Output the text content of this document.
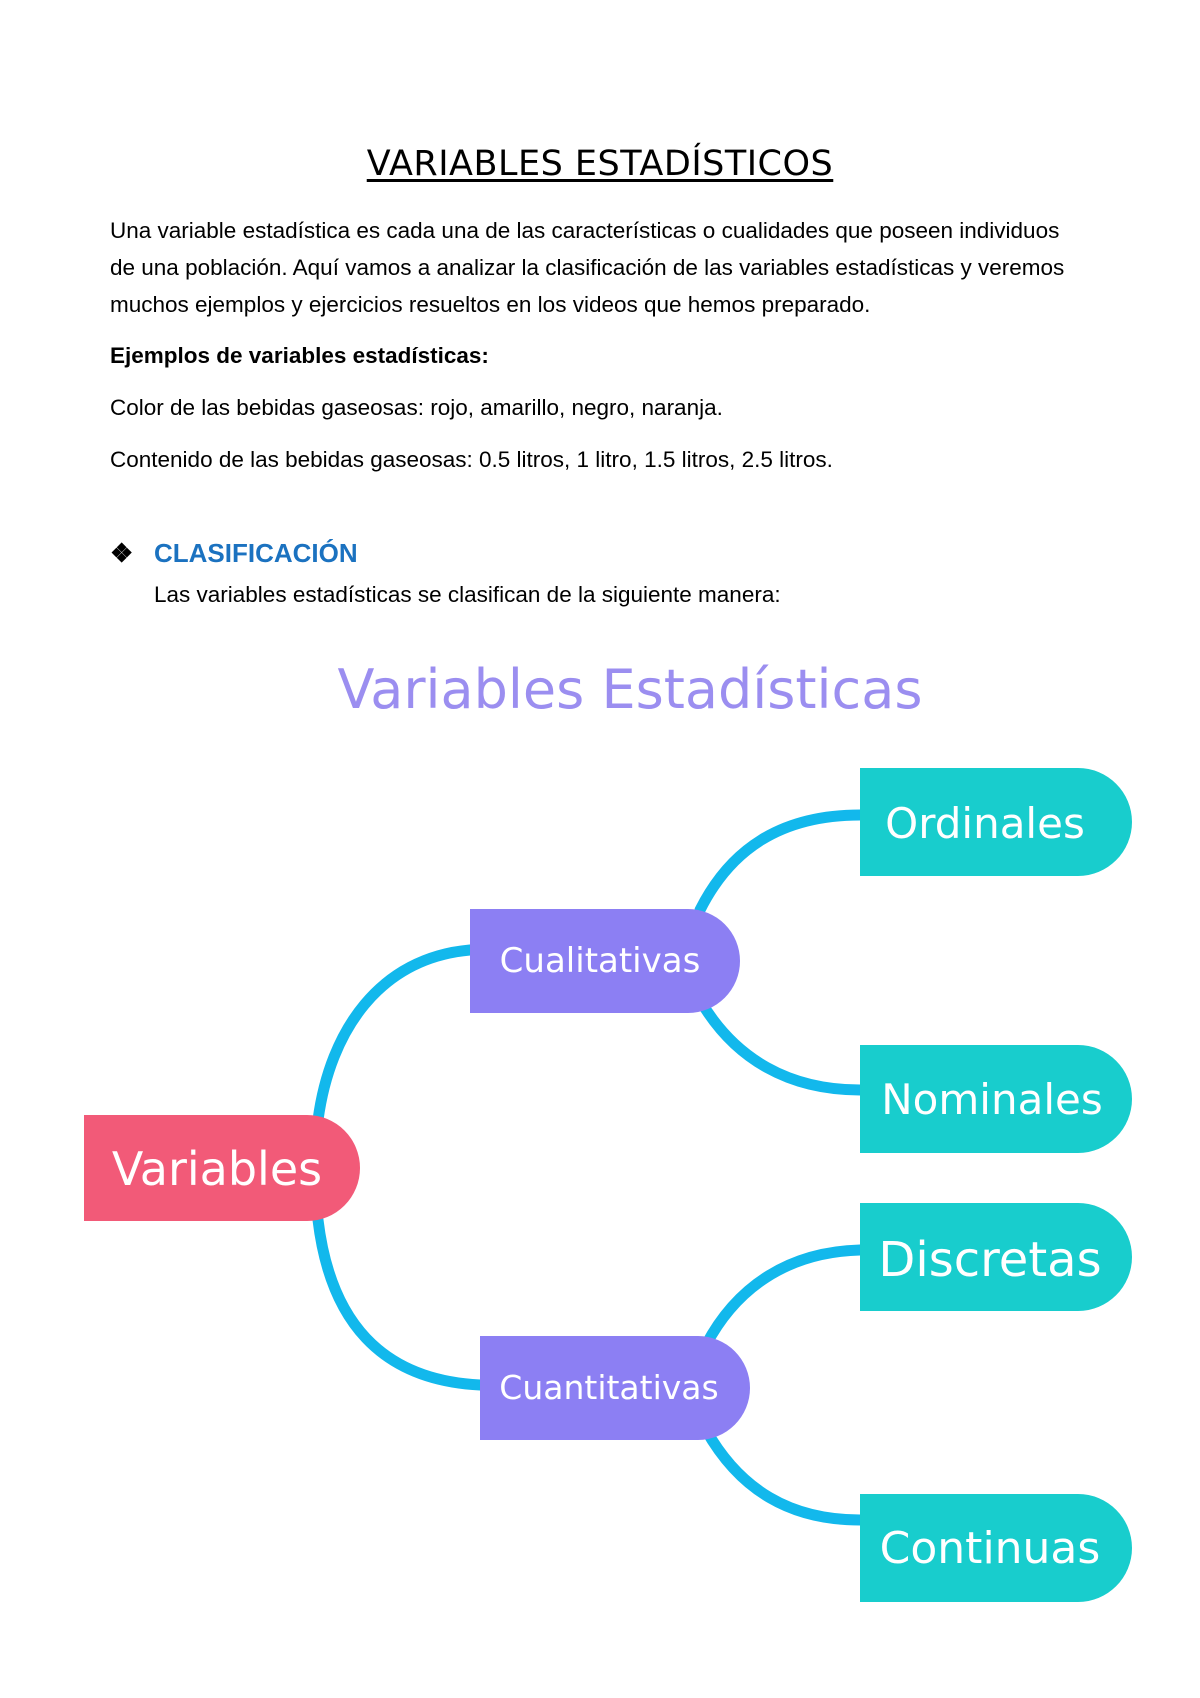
VARIABLES ESTADÍSTICOS

Una variable estadística es cada una de las características o cualidades que poseen individuos

de una población. Aquí vamos a analizar la clasificación de las variables estadísticas y veremos

muchos ejemplos y ejercicios resueltos en los videos que hemos preparado.

Ejemplos de variables estadísticas:

Color de las bebidas gaseosas: rojo, amarillo, negro, naranja.

Contenido de las bebidas gaseosas: 0.5 litros, 1 litro, 1.5 litros, 2.5 litros.

❖ CLASIFICACIÓN

Las variables estadísticas se clasifican de la siguiente manera:

Variables Estadísticas
Variables
Cualitativas
Cuantitativas
Ordinales
Nominales
Discretas
Continuas
